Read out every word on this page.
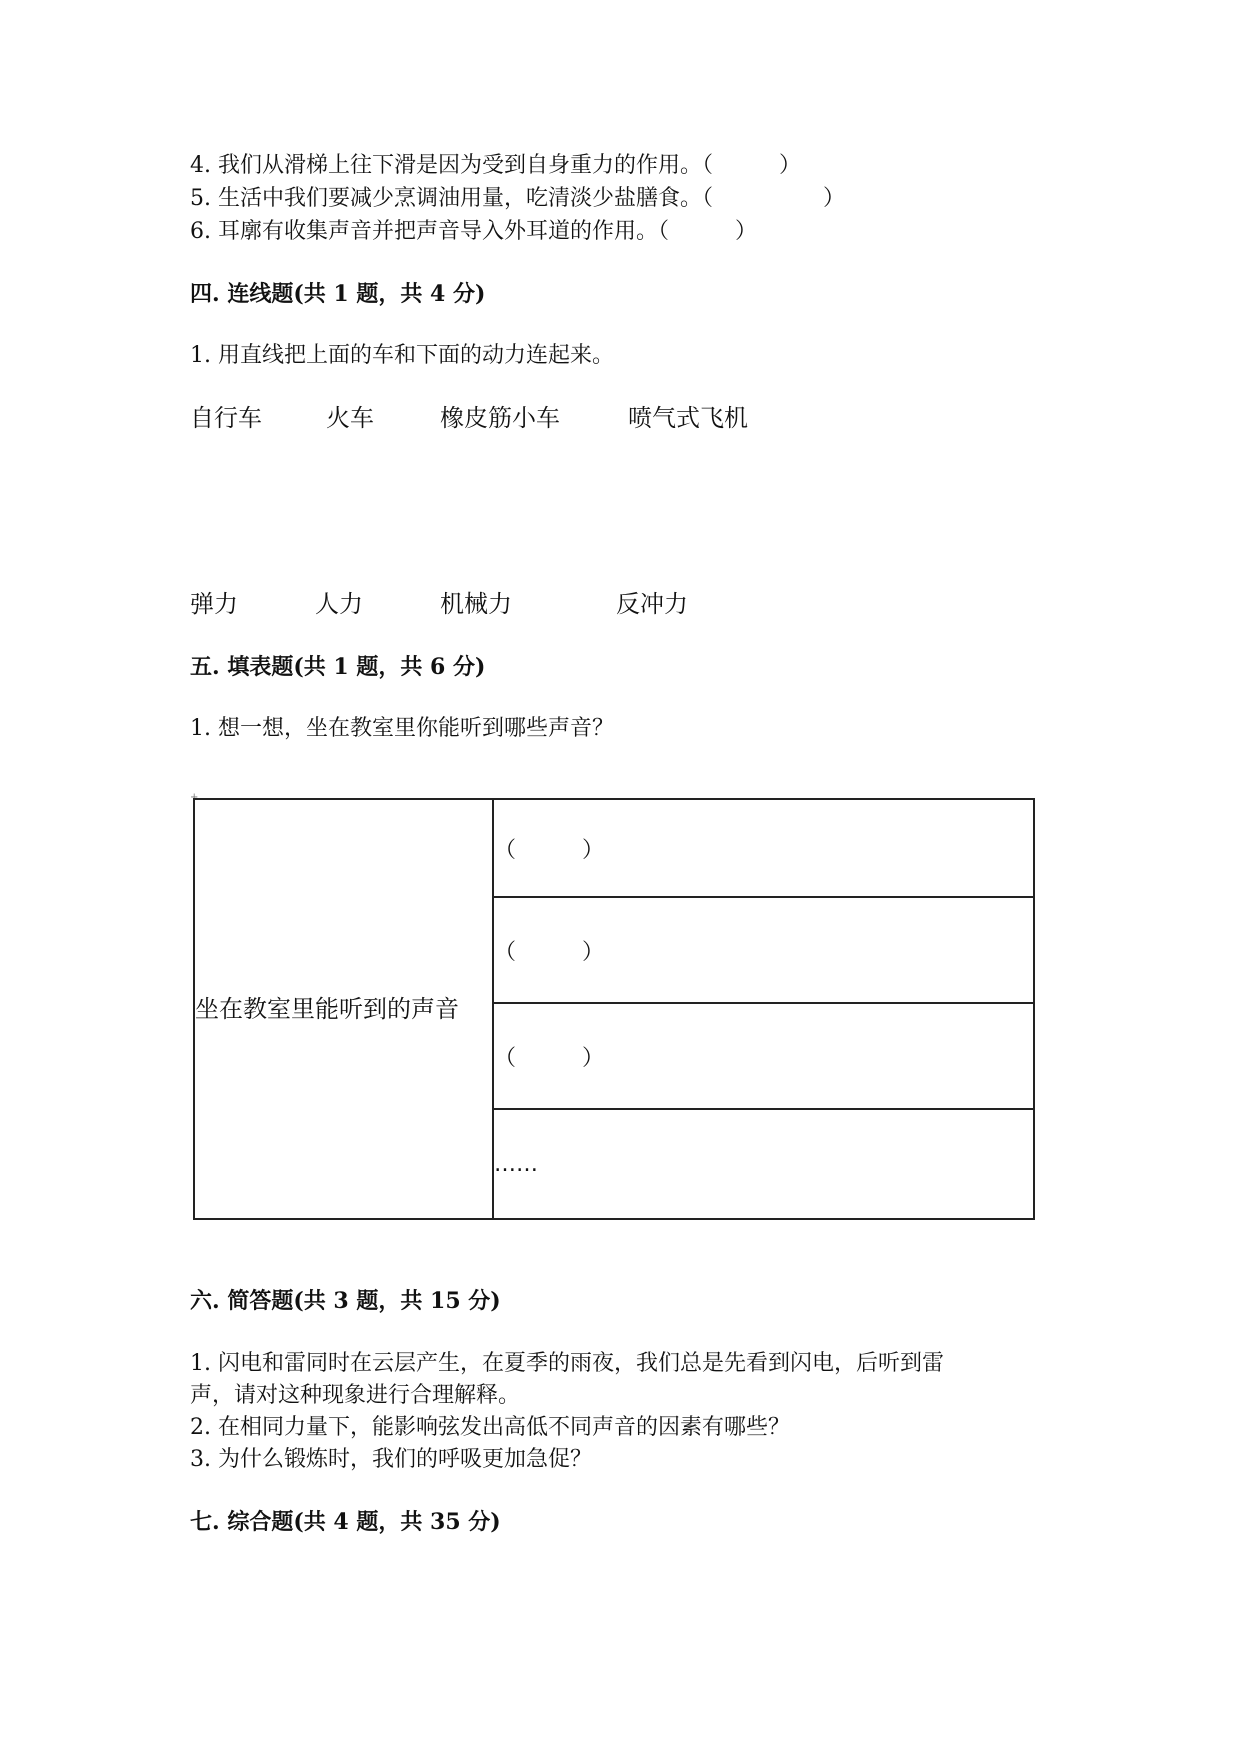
4. 我们从滑梯上往下滑是因为受到自身重力的作用。（　　　）
5. 生活中我们要减少烹调油用量，吃清淡少盐膳食。（　　　　　）
6. 耳廓有收集声音并把声音导入外耳道的作用。（　　　）
四. 连线题(共 1 题，共 4 分)
1. 用直线把上面的车和下面的动力连起来。
自行车	火车	橡皮筋小车	喷气式飞机
弹力	人力	机械力	反冲力
五. 填表题(共 1 题，共 6 分)
1. 想一想，坐在教室里你能听到哪些声音？
+
坐在教室里能听到的声音	（　　　）
（　　　）
（　　　）
……
六. 简答题(共 3 题，共 15 分)
1. 闪电和雷同时在云层产生，在夏季的雨夜，我们总是先看到闪电，后听到雷
声，请对这种现象进行合理解释。
2. 在相同力量下，能影响弦发出高低不同声音的因素有哪些？
3. 为什么锻炼时，我们的呼吸更加急促？
七. 综合题(共 4 题，共 35 分)
